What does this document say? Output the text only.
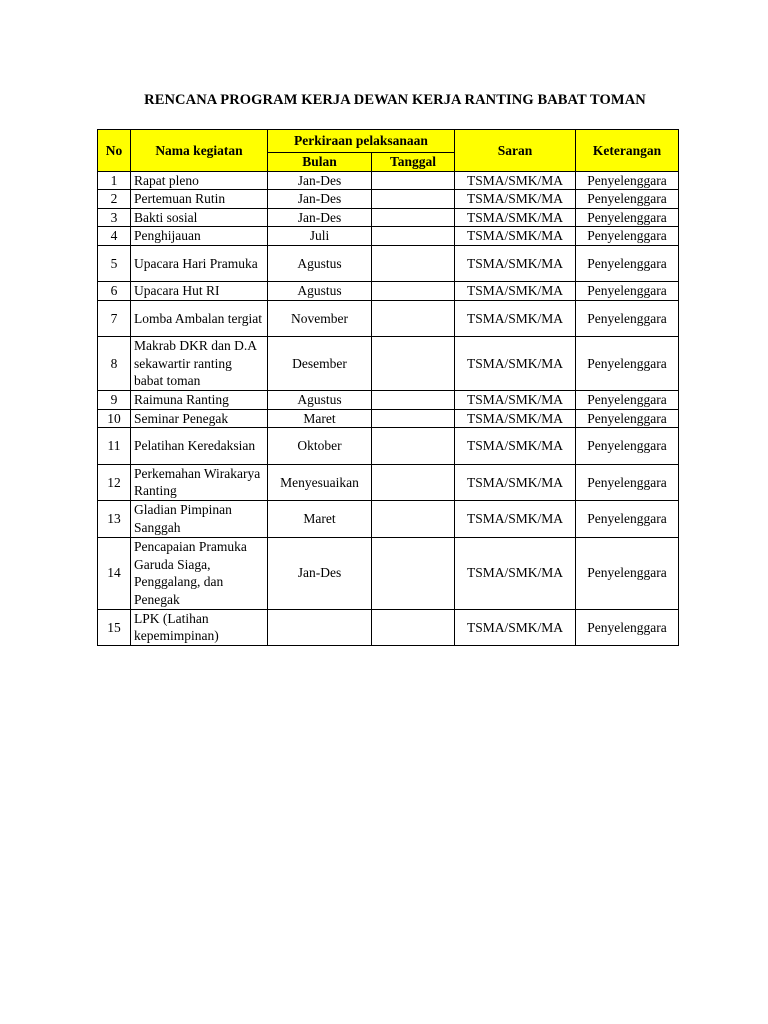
RENCANA PROGRAM KERJA DEWAN KERJA RANTING BABAT TOMAN
No	Nama kegiatan	Perkiraan pelaksanaan		Saran	Keterangan
		Bulan	Tanggal		
1	Rapat pleno	Jan-Des		TSMA/SMK/MA	Penyelenggara
2	Pertemuan Rutin	Jan-Des		TSMA/SMK/MA	Penyelenggara
3	Bakti sosial	Jan-Des		TSMA/SMK/MA	Penyelenggara
4	Penghijauan	Juli		TSMA/SMK/MA	Penyelenggara
5	Upacara Hari Pramuka	Agustus		TSMA/SMK/MA	Penyelenggara
6	Upacara Hut RI	Agustus		TSMA/SMK/MA	Penyelenggara
7	Lomba Ambalan tergiat	November		TSMA/SMK/MA	Penyelenggara
8	Makrab DKR dan D.A sekawartir ranting babat toman	Desember		TSMA/SMK/MA	Penyelenggara
9	Raimuna Ranting	Agustus		TSMA/SMK/MA	Penyelenggara
10	Seminar Penegak	Maret		TSMA/SMK/MA	Penyelenggara
11	Pelatihan Keredaksian	Oktober		TSMA/SMK/MA	Penyelenggara
12	Perkemahan Wirakarya Ranting	Menyesuaikan		TSMA/SMK/MA	Penyelenggara
13	Gladian Pimpinan Sanggah	Maret		TSMA/SMK/MA	Penyelenggara
14	Pencapaian Pramuka Garuda Siaga, Penggalang, dan Penegak	Jan-Des		TSMA/SMK/MA	Penyelenggara
15	LPK (Latihan kepemimpinan)			TSMA/SMK/MA	Penyelenggara
